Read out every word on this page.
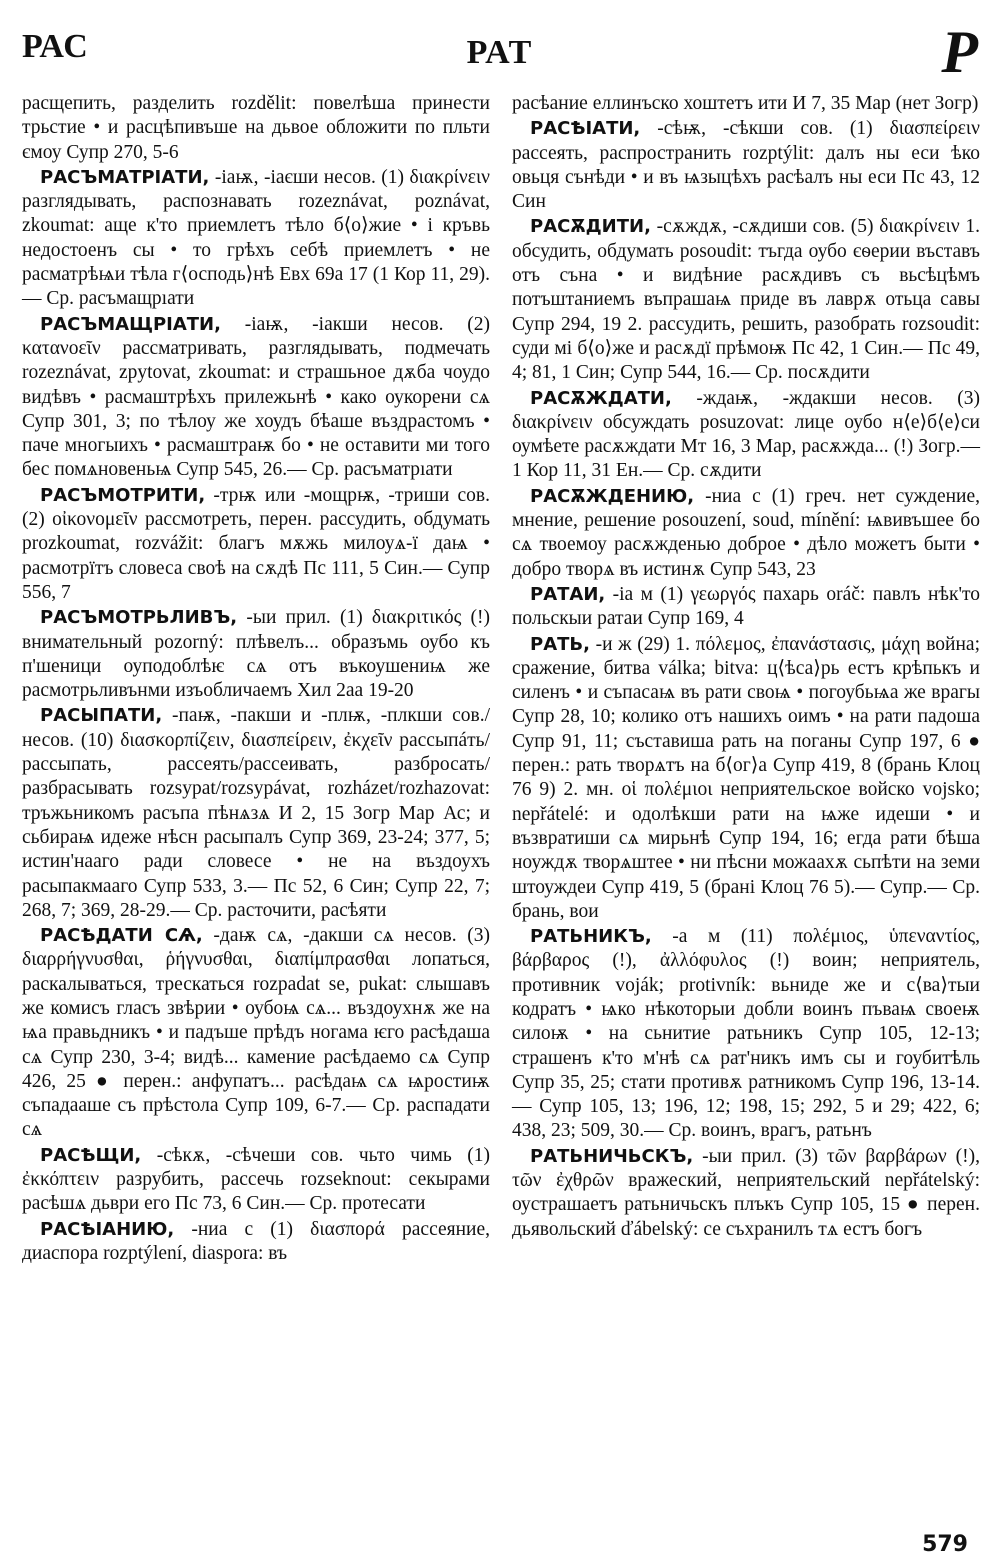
РАС	РАТ	Р

расщепить, разделить rozdělit: повелѣша принести трьстие • и расцѣпивъше на дьвое обложити по пльти ємоу Супр 270, 5-6

РАСЪМАТРІАТИ, -іаѭ, -іаєши несов. (1) διακρίνειν разглядывать, распознавать rozeznávat, poznávat, zkoumat: аще к'то приемлетъ тѣло б⟨о⟩жие • і кръвь недостоенъ сы • то грѣхъ себѣ приемлетъ • не расматрѣѩи тѣла г⟨осподь⟩нѣ Евх 69а 17 (1 Кор 11, 29).— Ср. расъмащрıати

РАСЪМАЩРІАТИ, -іаѭ, -іакши несов. (2) κατανοεῖν рассматривать, разглядывать, подмечать rozeznávat, zpytovat, zkoumat: и страшьное дѫба чоудо видѣвъ • расмаштрѣхъ прилежьнѣ • како оукорени сѧ Супр 301, 3; по тѣлоу же хоудъ бѣаше въздрастомъ • паче многыихъ • расмаштраѭ бо • не оставити ми того бес помѧновеньѩ Супр 545, 26.— Ср. расъматрıати

РАСЪМОТРИТИ, -трѭ или -мощрѭ, -триши сов. (2) οἰκονομεῖν рассмотреть, перен. рассудить, обдумать prozkoumat, rozvážit: благъ мѫжь милоуѧ-ї даѩ • расмотрїтъ словеса своѣ на сѫдѣ Пс 111, 5 Син.— Супр 556, 7

РАСЪМОТРЬЛИВЪ, -ыи прил. (1) διακριτικός (!) внимательный pozorný: плѣвелъ... образъмь оубо къ п'шеници оуподоблѣѥ сѧ отъ въкоушениѩ же расмотрьливънми изъобличаемъ Хил 2аа 19-20

РАСЫПАТИ, -паѭ, -пакши и -плѭ, -плкши сов./несов. (10) διασκορπίζειν, διασπείρειν, ἐκχεῖν рассыпáть/рассыпать, рассеять/рассеивать, разбросать/разбрасывать rozsypat/rozsypávat, rozházet/rozhazovat: тръжьникомъ расъпа пѣнѧзѧ И 2, 15 Зогр Мар Ас; и сьбираѩ идеже нѣсн расыпалъ Супр 369, 23-24; 377, 5; истин'нааго ради словесе • не на въздоухъ расыпакмааго Супр 533, 3.— Пс 52, 6 Син; Супр 22, 7; 268, 7; 369, 28-29.— Ср. расточити, расѣяти

РАСѢДАТИ СѦ, -даѭ сѧ, -дакши сѧ несов. (3) διαρρήγνυσθαι, ῥήγνυσθαι, διαπίμπρασθαι лопаться, раскалываться, трескаться rozpadat se, pukat: слышавъ же комисъ гласъ звѣрии • оубоѩ сѧ... въздоухнѫ же на ѩа правьдникъ • и падъше прѣдъ ногама ѥго расѣдаша сѧ Супр 230, 3-4; видѣ... камение расѣдаемо сѧ Супр 426, 25 ● перен.: анфупатъ... расѣдаѩ сѧ ѩростиѭ съпадааше съ прѣстола Супр 109, 6-7.— Ср. распадати сѧ

РАСѢЩИ, -сѣкѫ, -сѣчеши сов. чьто чимь (1) ἐκκόπτειν разрубить, рассечь rozseknout: секырами расѣшѧ дьври его Пс 73, 6 Син.— Ср. протесати

РАСѢІАНИЮ, -ниа с (1) διασπορά рассеяние, диаспора rozptýlení, diaspora: въ

расѣание еллинъско хоштетъ ити И 7, 35 Мар (нет Зогр)

РАСѢІАТИ, -сѣѭ, -сѣкши сов. (1) διασπείρειν рассеять, распространить rozptýlit: далъ ны еси ѣко овьця сънѣди • и въ ѩзыцѣхъ расѣалъ ны еси Пс 43, 12 Син

РАСѪДИТИ, -сѫждѫ, -сѫдиши сов. (5) διακρίνειν 1. обсудить, обдумать posoudit: тъгда оубо єѳерии въставъ отъ съна • и видѣние расѫдивъ съ вьсѣцѣмъ потъштаниемъ въпрашаѩ приде въ лаврѫ отьца савы Супр 294, 19 2. рассудить, решить, разобрать rozsoudit: суди мі б⟨о⟩же и расѫдї прѣмоѭ Пс 42, 1 Син.— Пс 49, 4; 81, 1 Син; Супр 544, 16.— Ср. посѫдити

РАСѪЖДАТИ, -ждаѭ, -ждакши несов. (3) διακρίνειν обсуждать posuzovat: лице оубо н⟨е⟩б⟨е⟩си оумѣете расѫждати Мт 16, 3 Мар, расѫжда... (!) Зогр.— 1 Кор 11, 31 Ен.— Ср. сѫдити

РАСѪЖДЕНИЮ, -ниа с (1) греч. нет суждение, мнение, решение posouzení, soud, mínění: ѩвивъшее бо сѧ твоемоу расѫжденью доброе • дѣло можетъ быти • добро творѧ въ истинѫ Супр 543, 23

РАТАИ, -іа м (1) γεωργός пахарь oráč: павлъ нѣк'то польскыи ратаи Супр 169, 4

РАТЬ, -и ж (29) 1. πόλεμος, ἐπανάστασις, μάχη война; сражение, битва válka; bitva: ц⟨ѣса⟩рь естъ крѣпькъ и силенъ • и съпасаѩ въ рати своѩ • погоубьѩа же врагы Супр 28, 10; колико отъ нашихъ оимъ • на рати падоша Супр 91, 11; съставиша рать на поганы Супр 197, 6 ● перен.: рать творѧтъ на б⟨ог⟩а Супр 419, 8 (брань Клоц 76 9) 2. мн. οἱ πολέμιοι неприятельское войско vojsko; nepřátelé: и одолѣкши рати на ѩже идеши • и възвратиши сѧ мирьнѣ Супр 194, 16; егда рати бѣша ноуждѫ творѧштее • ни пѣсни можаахѫ сьпѣти на земи штоуждеи Супр 419, 5 (брані Клоц 76 5).— Супр.— Ср. брань, вои

РАТЬНИКЪ, -а м (11) πολέμιος, ὑπεναντίος, βάρβαρος (!), ἀλλόφυλος (!) воин; неприятель, противник voják; protivník: вьниде же и с⟨ва⟩тыи кодратъ • ѩко нѣкоторыи добли воинъ пъваѩ своеѭ силоѭ • на сьнитие ратьникъ Супр 105, 12-13; страшенъ к'то м'нѣ сѧ рат'никъ имъ сы и гоубитѣль Супр 35, 25; стати противѫ ратникомъ Супр 196, 13-14.— Супр 105, 13; 196, 12; 198, 15; 292, 5 и 29; 422, 6; 438, 23; 509, 30.— Ср. воинъ, врагъ, ратьнъ

РАТЬНИЧЬСКЪ, -ыи прил. (3) τῶν βαρβάρων (!), τῶν ἐχθρῶν вражеский, неприятельский nepřátelský: оустрашаетъ ратьничьскъ плъкъ Супр 105, 15 ● перен. дьявольский ďábelský: се съхранилъ тѧ естъ богъ

579
